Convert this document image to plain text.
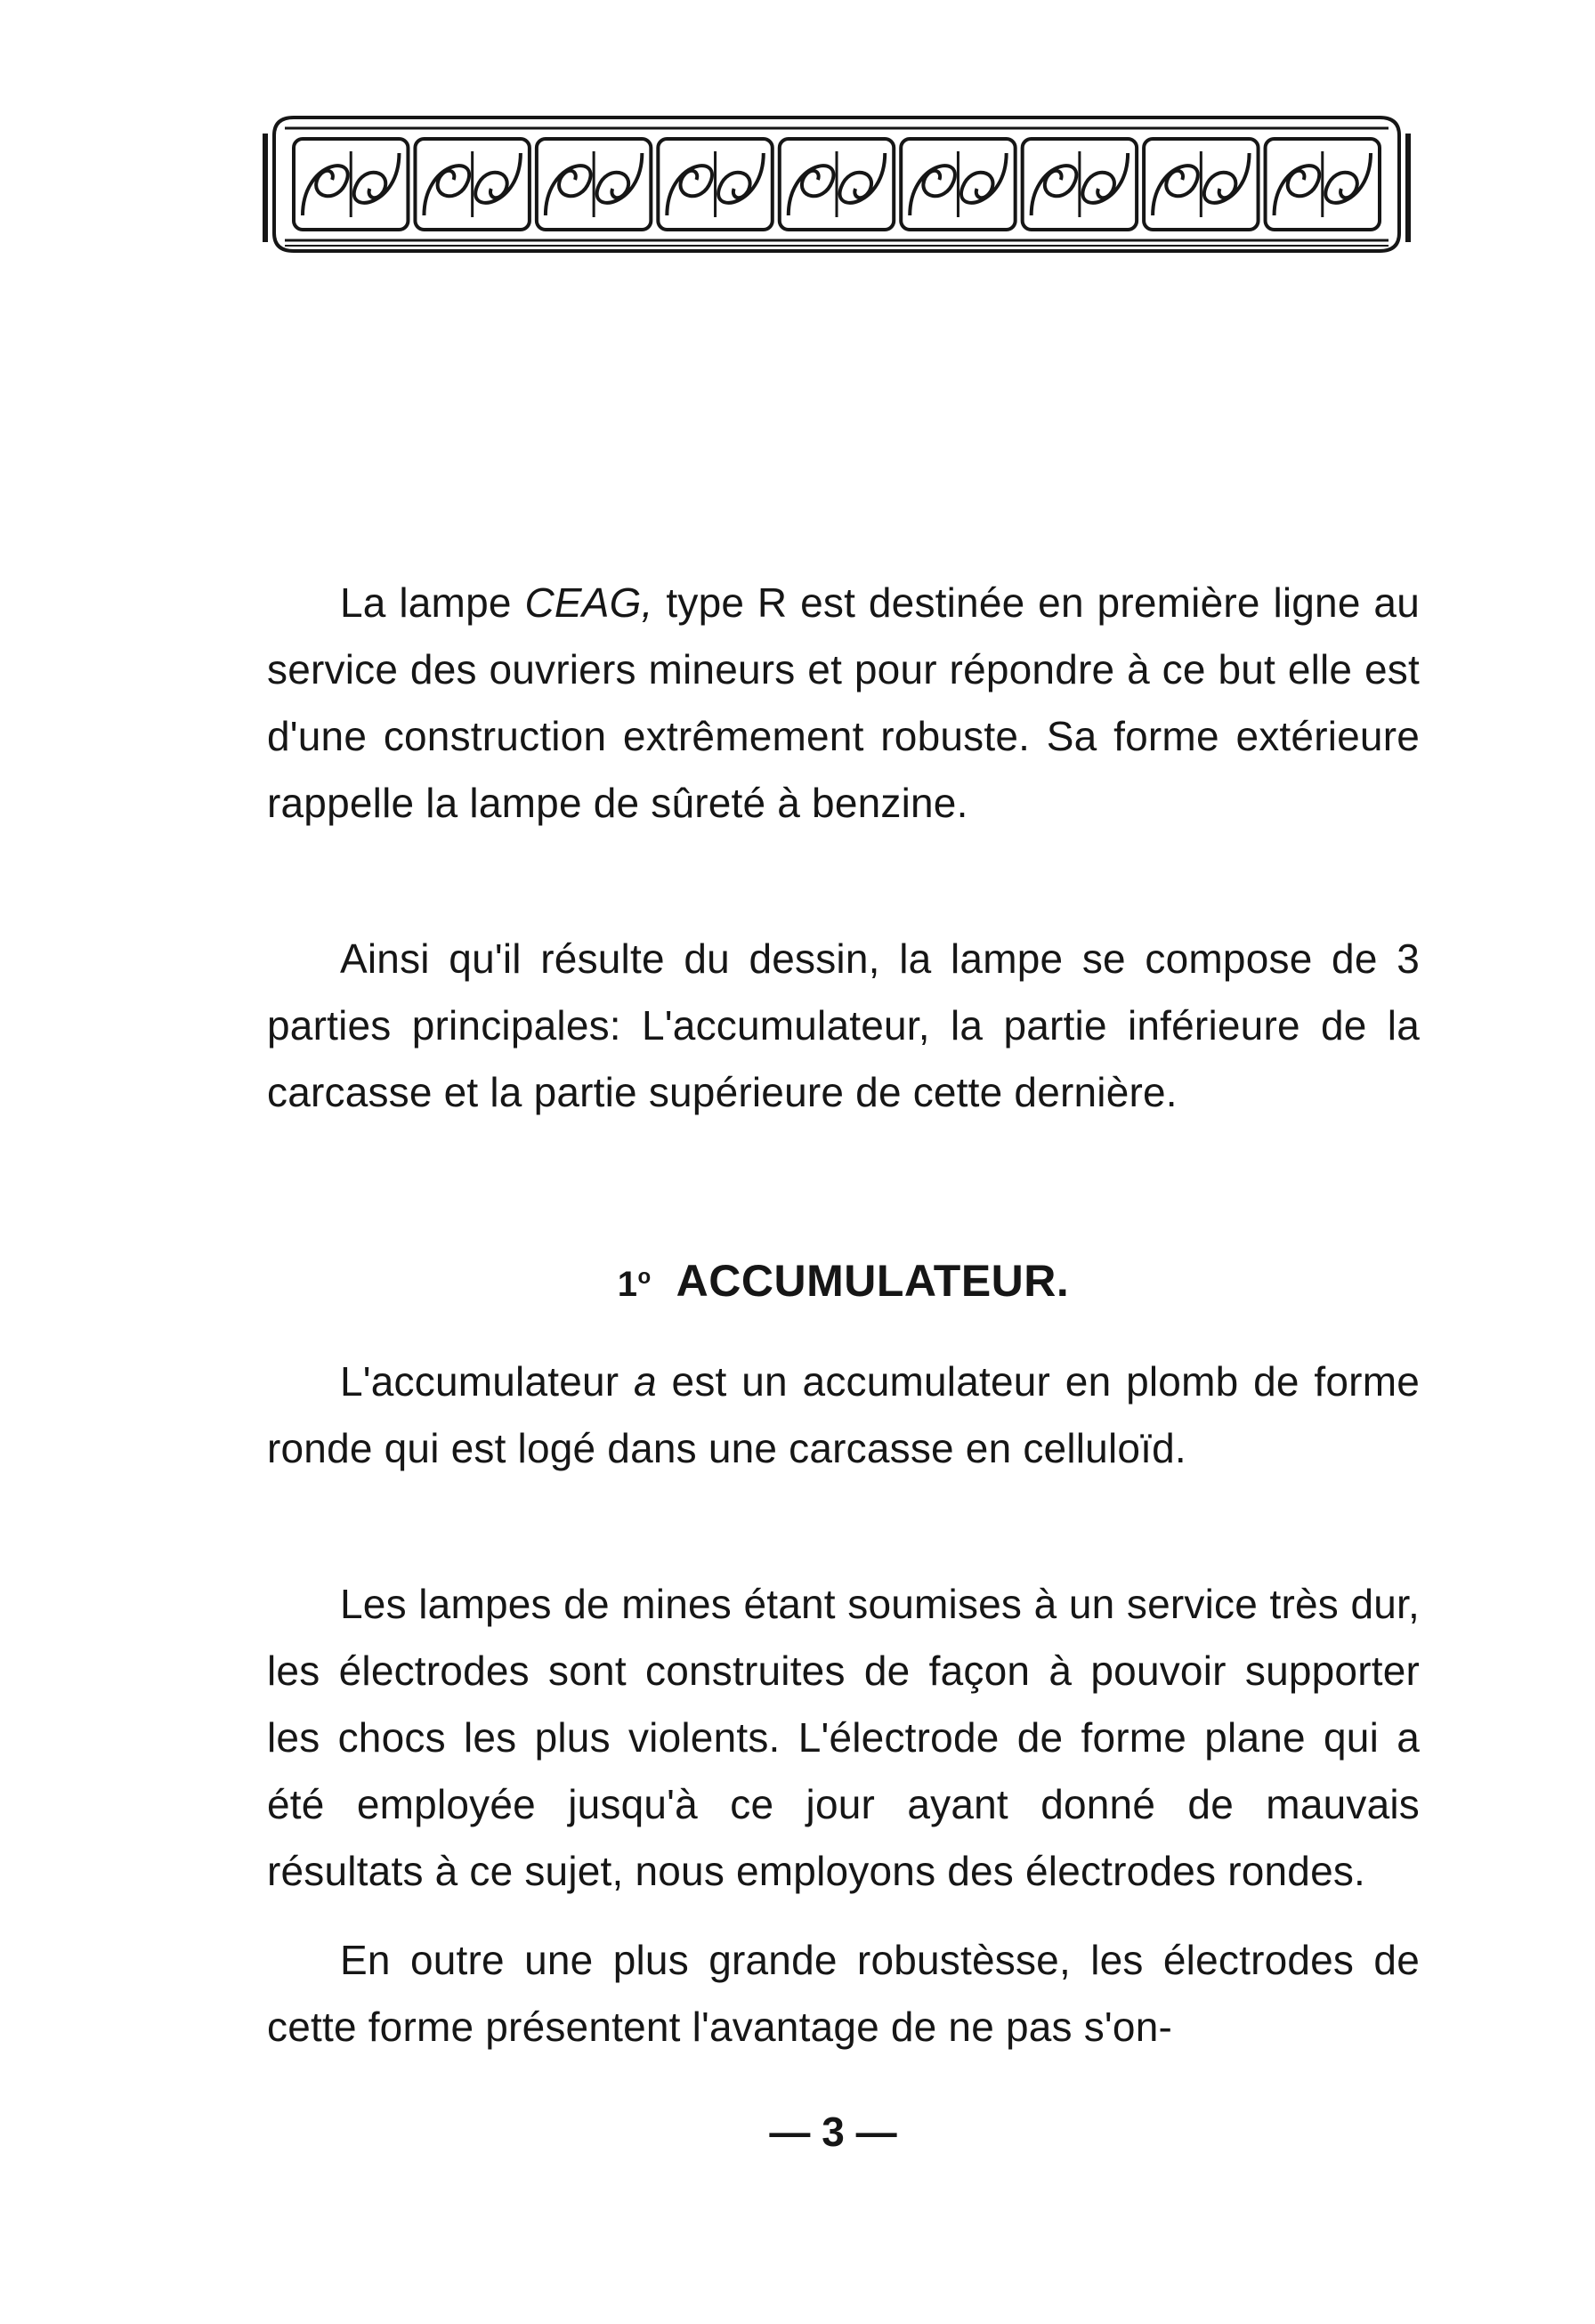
La lampe CEAG, type R est destinée en première ligne au service des ouvriers mineurs et pour répondre à ce but elle est d'une construction extrêmement robuste. Sa forme extérieure rappelle la lampe de sûreté à benzine.

Ainsi qu'il résulte du dessin, la lampe se compose de 3 parties principales: L'accumulateur, la partie inférieure de la carcasse et la partie supérieure de cette dernière.

1$^o$ ACCUMULATEUR.

L'accumulateur a est un accumulateur en plomb de forme ronde qui est logé dans une carcasse en celluloïd.

Les lampes de mines étant soumises à un service très dur, les électrodes sont construites de façon à pouvoir supporter les chocs les plus violents. L'électrode de forme plane qui a été employée jusqu'à ce jour ayant donné de mauvais résultats à ce sujet, nous employons des électrodes rondes.

En outre une plus grande robustèsse, les électrodes de cette forme présentent l'avantage de ne pas s'on-

— 3 —
